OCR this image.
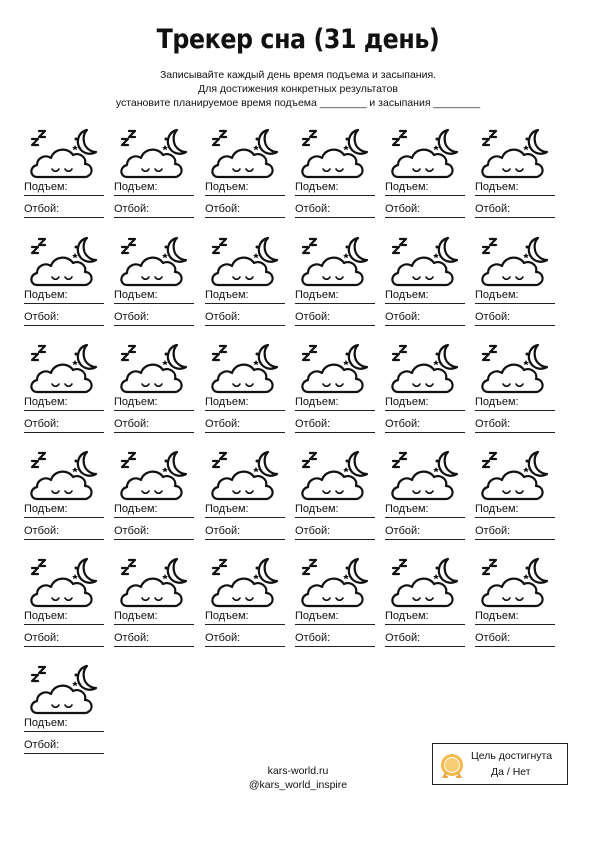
Трекер сна (31 день)
Записывайте каждый день время подъема и засыпания.
Для достижения конкретных результатов
установите планируемое время подъема ________ и засыпания ________
Подъем:
Отбой:
Подъем:
Отбой:
Подъем:
Отбой:
Подъем:
Отбой:
Подъем:
Отбой:
Подъем:
Отбой:
Подъем:
Отбой:
Подъем:
Отбой:
Подъем:
Отбой:
Подъем:
Отбой:
Подъем:
Отбой:
Подъем:
Отбой:
Подъем:
Отбой:
Подъем:
Отбой:
Подъем:
Отбой:
Подъем:
Отбой:
Подъем:
Отбой:
Подъем:
Отбой:
Подъем:
Отбой:
Подъем:
Отбой:
Подъем:
Отбой:
Подъем:
Отбой:
Подъем:
Отбой:
Подъем:
Отбой:
Подъем:
Отбой:
Подъем:
Отбой:
Подъем:
Отбой:
Подъем:
Отбой:
Подъем:
Отбой:
Подъем:
Отбой:
Подъем:
Отбой:
kars-world.ru
@kars_world_inspire
Цель достигнута
Да / Нет
